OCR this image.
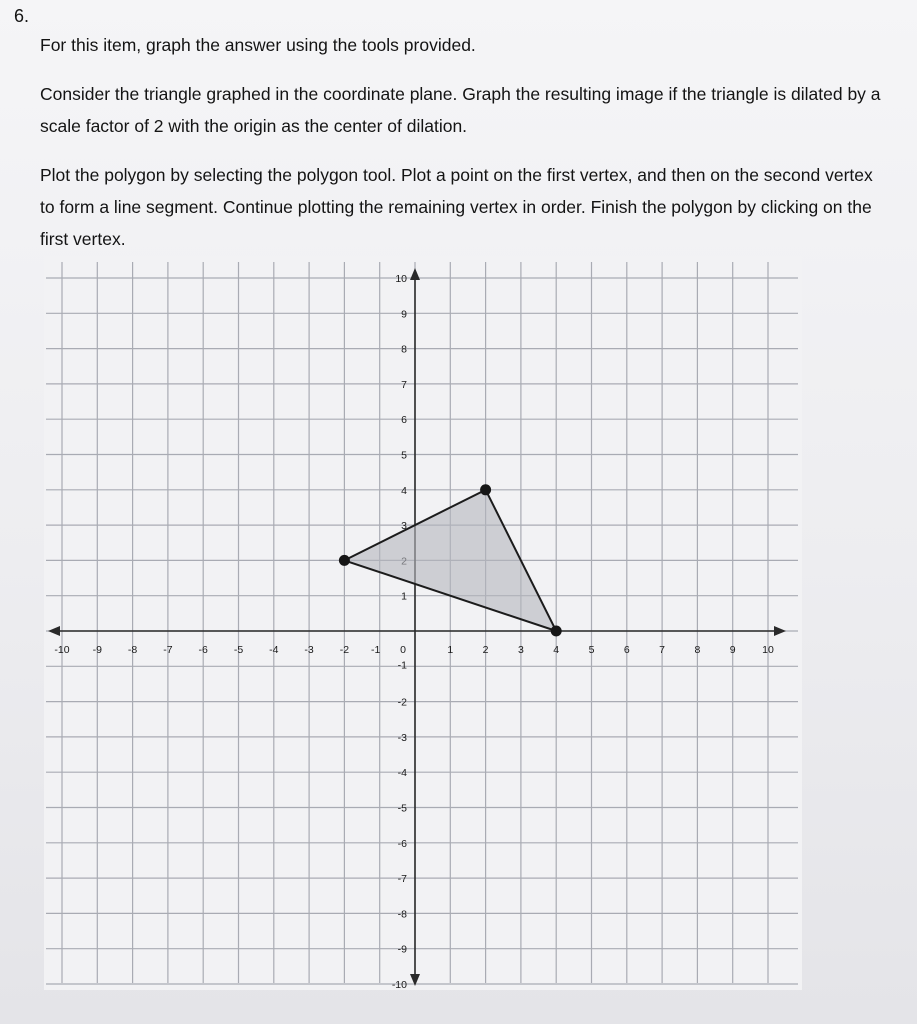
6.

For this item, graph the answer using the tools provided.

Consider the triangle graphed in the coordinate plane. Graph the resulting image if the triangle is dilated by a scale factor of 2 with the origin as the center of dilation.

Plot the polygon by selecting the polygon tool. Plot a point on the first vertex, and then on the second vertex to form a line segment. Continue plotting the remaining vertex in order. Finish the polygon by clicking on the first vertex.

-10 -9 -8 -7 -6 -5 -4 -3 -2 -1 0	1	2	3	4	5	6	7	8	9	10
10
9
8
7
6
5
4
3
1
-1
-2
-3
-4
-5
-6
-7
-8
-9
-10
